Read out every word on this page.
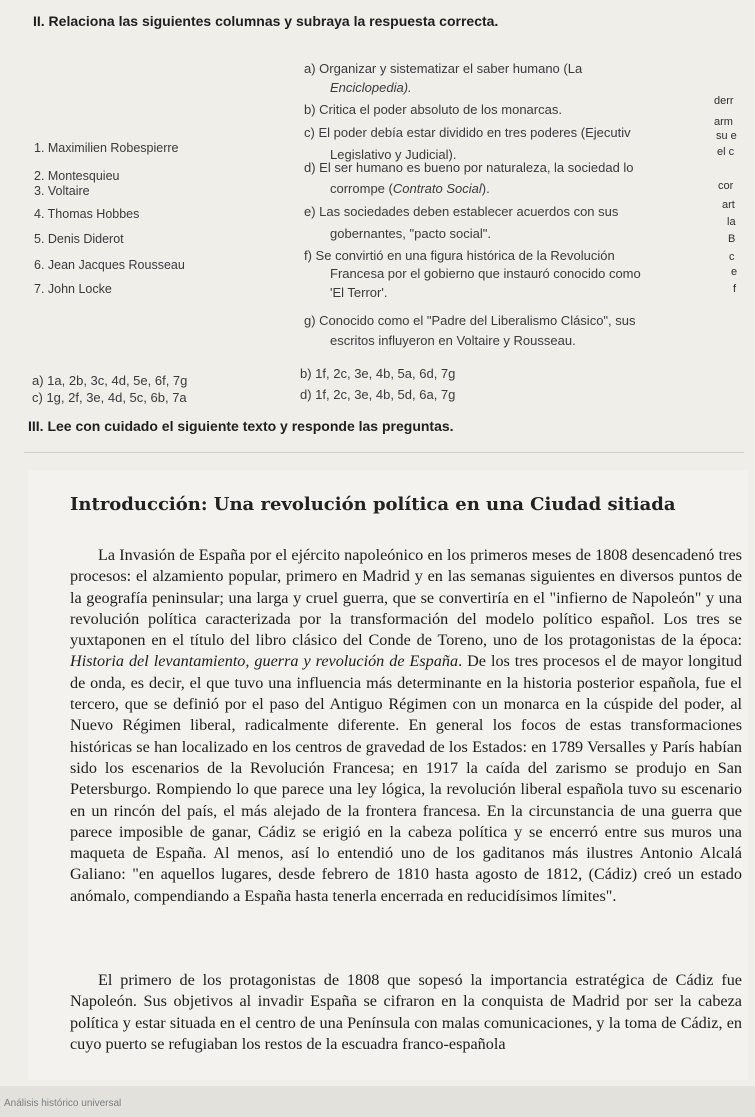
II. Relaciona las siguientes columnas y subraya la respuesta correcta.
1. Maximilien Robespierre
2. Montesquieu
3. Voltaire
4. Thomas Hobbes
5. Denis Diderot
6. Jean Jacques Rousseau
7. John Locke
a) Organizar y sistematizar el saber humano (La
Enciclopedia).
b) Critica el poder absoluto de los monarcas.
c) El poder debía estar dividido en tres poderes (Ejecutiv
Legislativo y Judicial).
d) El ser humano es bueno por naturaleza, la sociedad lo
corrompe (Contrato Social).
e) Las sociedades deben establecer acuerdos con sus
gobernantes, "pacto social".
f) Se convirtió en una figura histórica de la Revolución
Francesa por el gobierno que instauró conocido como
'El Terror'.
g) Conocido como el "Padre del Liberalismo Clásico", sus
escritos influyeron en Voltaire y Rousseau.
derr
arm
su e
el c
cor
art
la
B
c
e
f
a) 1a, 2b, 3c, 4d, 5e, 6f, 7g	b) 1f, 2c, 3e, 4b, 5a, 6d, 7g
c) 1g, 2f, 3e, 4d, 5c, 6b, 7a	d) 1f, 2c, 3e, 4b, 5d, 6a, 7g
III. Lee con cuidado el siguiente texto y responde las preguntas.
Introducción: Una revolución política en una Ciudad sitiada

La Invasión de España por el ejército napoleónico en los primeros meses de 1808 desencadenó tres procesos: el alzamiento popular, primero en Madrid y en las semanas siguientes en diversos puntos de la geografía peninsular; una larga y cruel guerra, que se convertiría en el "infierno de Napoleón" y una revolución política caracterizada por la transformación del modelo político español. Los tres se yuxtaponen en el título del libro clásico del Conde de Toreno, uno de los protagonistas de la época: Historia del levantamiento, guerra y revolución de España. De los tres procesos el de mayor longitud de onda, es decir, el que tuvo una influencia más determinante en la historia posterior española, fue el tercero, que se definió por el paso del Antiguo Régimen con un monarca en la cúspide del poder, al Nuevo Régimen liberal, radicalmente diferente. En general los focos de estas transformaciones históricas se han localizado en los centros de gravedad de los Estados: en 1789 Versalles y París habían sido los escenarios de la Revolución Francesa; en 1917 la caída del zarismo se produjo en San Petersburgo. Rompiendo lo que parece una ley lógica, la revolución liberal española tuvo su escenario en un rincón del país, el más alejado de la frontera francesa. En la circunstancia de una guerra que parece imposible de ganar, Cádiz se erigió en la cabeza política y se encerró entre sus muros una maqueta de España. Al menos, así lo entendió uno de los gaditanos más ilustres Antonio Alcalá Galiano: "en aquellos lugares, desde febrero de 1810 hasta agosto de 1812, (Cádiz) creó un estado anómalo, compendiando a España hasta tenerla encerrada en reducidísimos límites".

El primero de los protagonistas de 1808 que sopesó la importancia estratégica de Cádiz fue Napoleón. Sus objetivos al invadir España se cifraron en la conquista de Madrid por ser la cabeza política y estar situada en el centro de una Península con malas comunicaciones, y la toma de Cádiz, en cuyo puerto se refugiaban los restos de la escuadra franco-española

Análisis histórico universal
